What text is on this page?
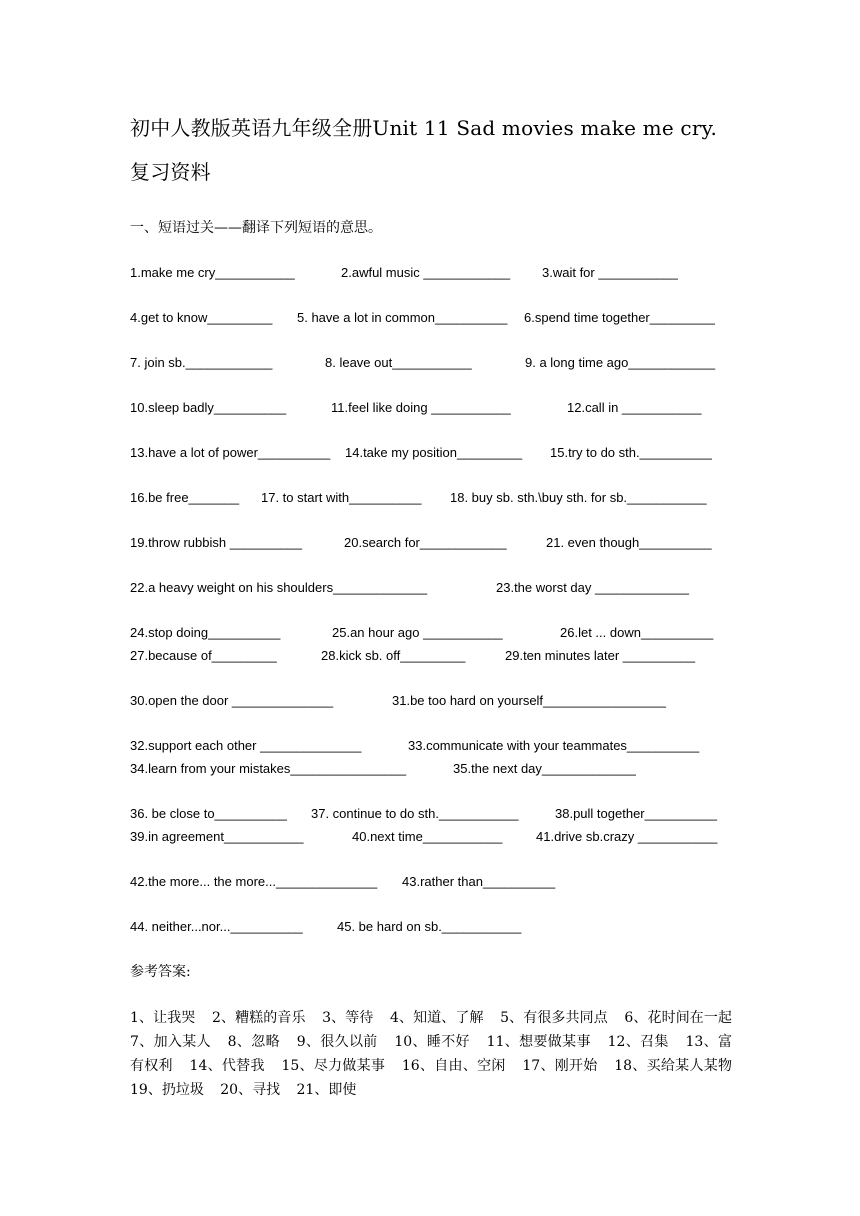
初中人教版英语九年级全册Unit 11 Sad movies make me cry.复习资料
一、短语过关——翻译下列短语的意思。
1.make me cry___________	2.awful music ____________ 3.wait for ___________
4.get to know_________ 5. have a lot in common__________ 6.spend time together_________
7. join sb.____________	8. leave out___________	9. a long time ago____________
10.sleep badly__________	11.feel like doing ___________	12.call in ___________
13.have a lot of power__________ 14.take my position_________ 15.try to do sth.__________
16.be free_______ 17. to start with__________ 18. buy sb. sth.\buy sth. for sb.___________
19.throw rubbish __________	20.search for____________	21. even though__________
22.a heavy weight on his shoulders_____________	23.the worst day _____________
24.stop doing__________	25.an hour ago ___________	26.let ... down__________
27.because of_________	28.kick sb. off_________	29.ten minutes later __________
30.open the door ______________	31.be too hard on yourself_________________
32.support each other ______________	33.communicate with your teammates__________
34.learn from your mistakes________________	35.the next day_____________
36. be close to__________ 37. continue to do sth.___________	38.pull together__________
39.in agreement___________	40.next time___________	41.drive sb.crazy ___________
42.the more... the more...______________ 43.rather than__________
44. neither...nor...__________	45. be hard on sb.___________
参考答案:
1、让我哭 2、糟糕的音乐 3、等待 4、知道、了解 5、有很多共同点 6、花时间在一起 7、加入某人 8、忽略 9、很久以前 10、睡不好 11、想要做某事 12、召集 13、富有权利 14、代替我 15、尽力做某事 16、自由、空闲 17、刚开始 18、买给某人某物 19、扔垃圾 20、寻找 21、即使
